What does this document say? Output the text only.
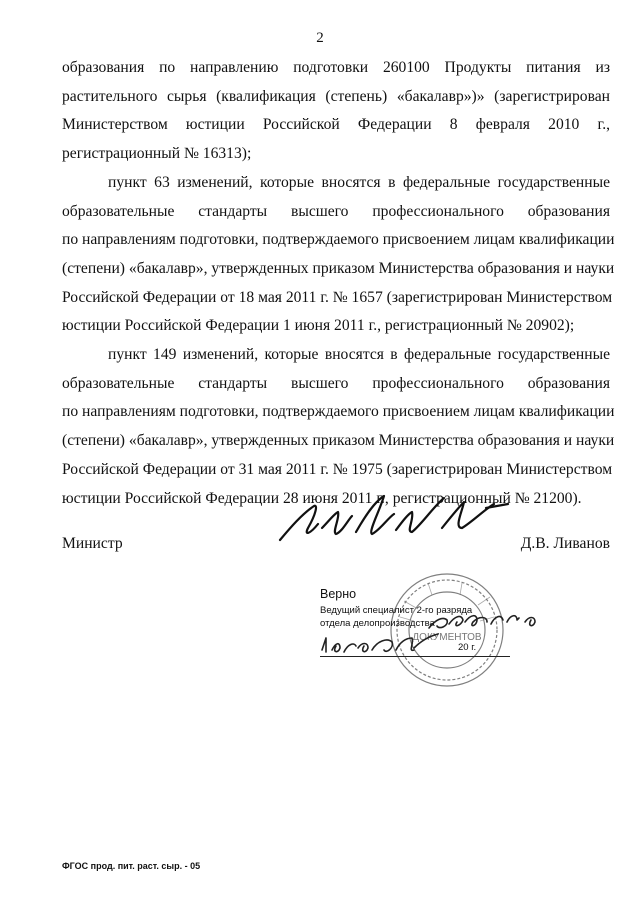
2
образования по направлению подготовки 260100 Продукты питания из
растительного сырья (квалификация (степень) «бакалавр»)» (зарегистрирован
Министерством юстиции Российской Федерации 8 февраля 2010 г.,
регистрационный № 16313);
пункт 63 изменений, которые вносятся в федеральные государственные
образовательные стандарты высшего профессионального образования
по направлениям подготовки, подтверждаемого присвоением лицам квалификации
(степени) «бакалавр», утвержденных приказом Министерства образования и науки
Российской Федерации от 18 мая 2011 г. № 1657 (зарегистрирован Министерством
юстиции Российской Федерации 1 июня 2011 г., регистрационный № 20902);
пункт 149 изменений, которые вносятся в федеральные государственные
образовательные стандарты высшего профессионального образования
по направлениям подготовки, подтверждаемого присвоением лицам квалификации
(степени) «бакалавр», утвержденных приказом Министерства образования и науки
Российской Федерации от 31 мая 2011 г. № 1975 (зарегистрирован Министерством
юстиции Российской Федерации 28 июня 2011 г., регистрационный № 21200).
Министр	Д.В. Ливанов
ДОКУМЕНТОВ
Верно
Ведущий специалист 2-го разряда
отдела делопроизводства
20 г.
ФГОС прод. пит. раст. сыр. - 05
